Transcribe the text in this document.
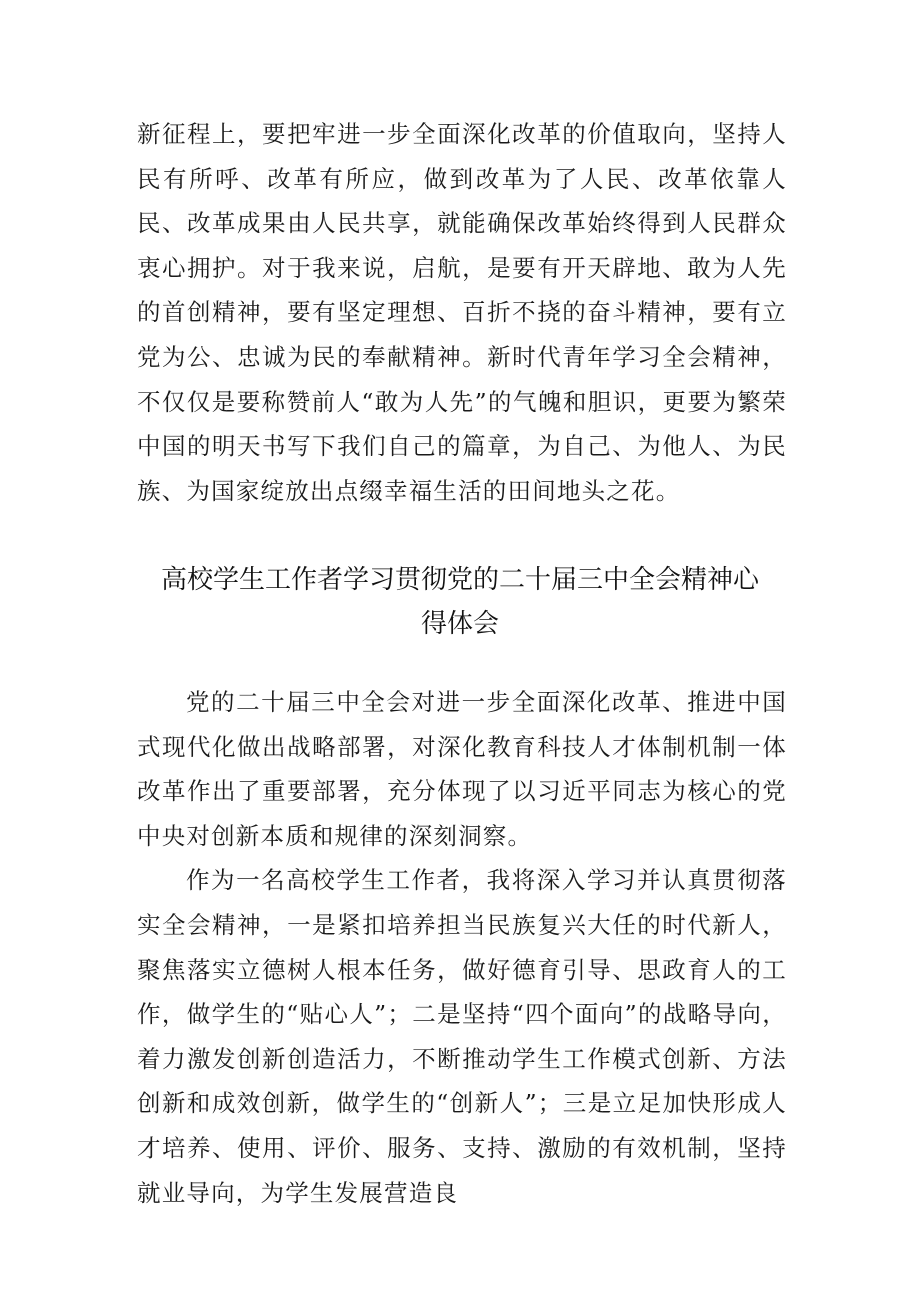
新征程上，要把牢进一步全面深化改革的价值取向，坚持人民有所呼、改革有所应，做到改革为了人民、改革依靠人民、改革成果由人民共享，就能确保改革始终得到人民群众衷心拥护。对于我来说，启航，是要有开天辟地、敢为人先的首创精神，要有坚定理想、百折不挠的奋斗精神，要有立党为公、忠诚为民的奉献精神。新时代青年学习全会精神，不仅仅是要称赞前人“敢为人先”的气魄和胆识，更要为繁荣中国的明天书写下我们自己的篇章，为自己、为他人、为民族、为国家绽放出点缀幸福生活的田间地头之花。

高校学生工作者学习贯彻党的二十届三中全会精神心
得体会

党的二十届三中全会对进一步全面深化改革、推进中国式现代化做出战略部署，对深化教育科技人才体制机制一体改革作出了重要部署，充分体现了以习近平同志为核心的党中央对创新本质和规律的深刻洞察。

作为一名高校学生工作者，我将深入学习并认真贯彻落实全会精神，一是紧扣培养担当民族复兴大任的时代新人，聚焦落实立德树人根本任务，做好德育引导、思政育人的工作，做学生的“贴心人”；二是坚持“四个面向”的战略导向，着力激发创新创造活力，不断推动学生工作模式创新、方法创新和成效创新，做学生的“创新人”；三是立足加快形成人才培养、使用、评价、服务、支持、激励的有效机制，坚持就业导向，为学生发展营造良
